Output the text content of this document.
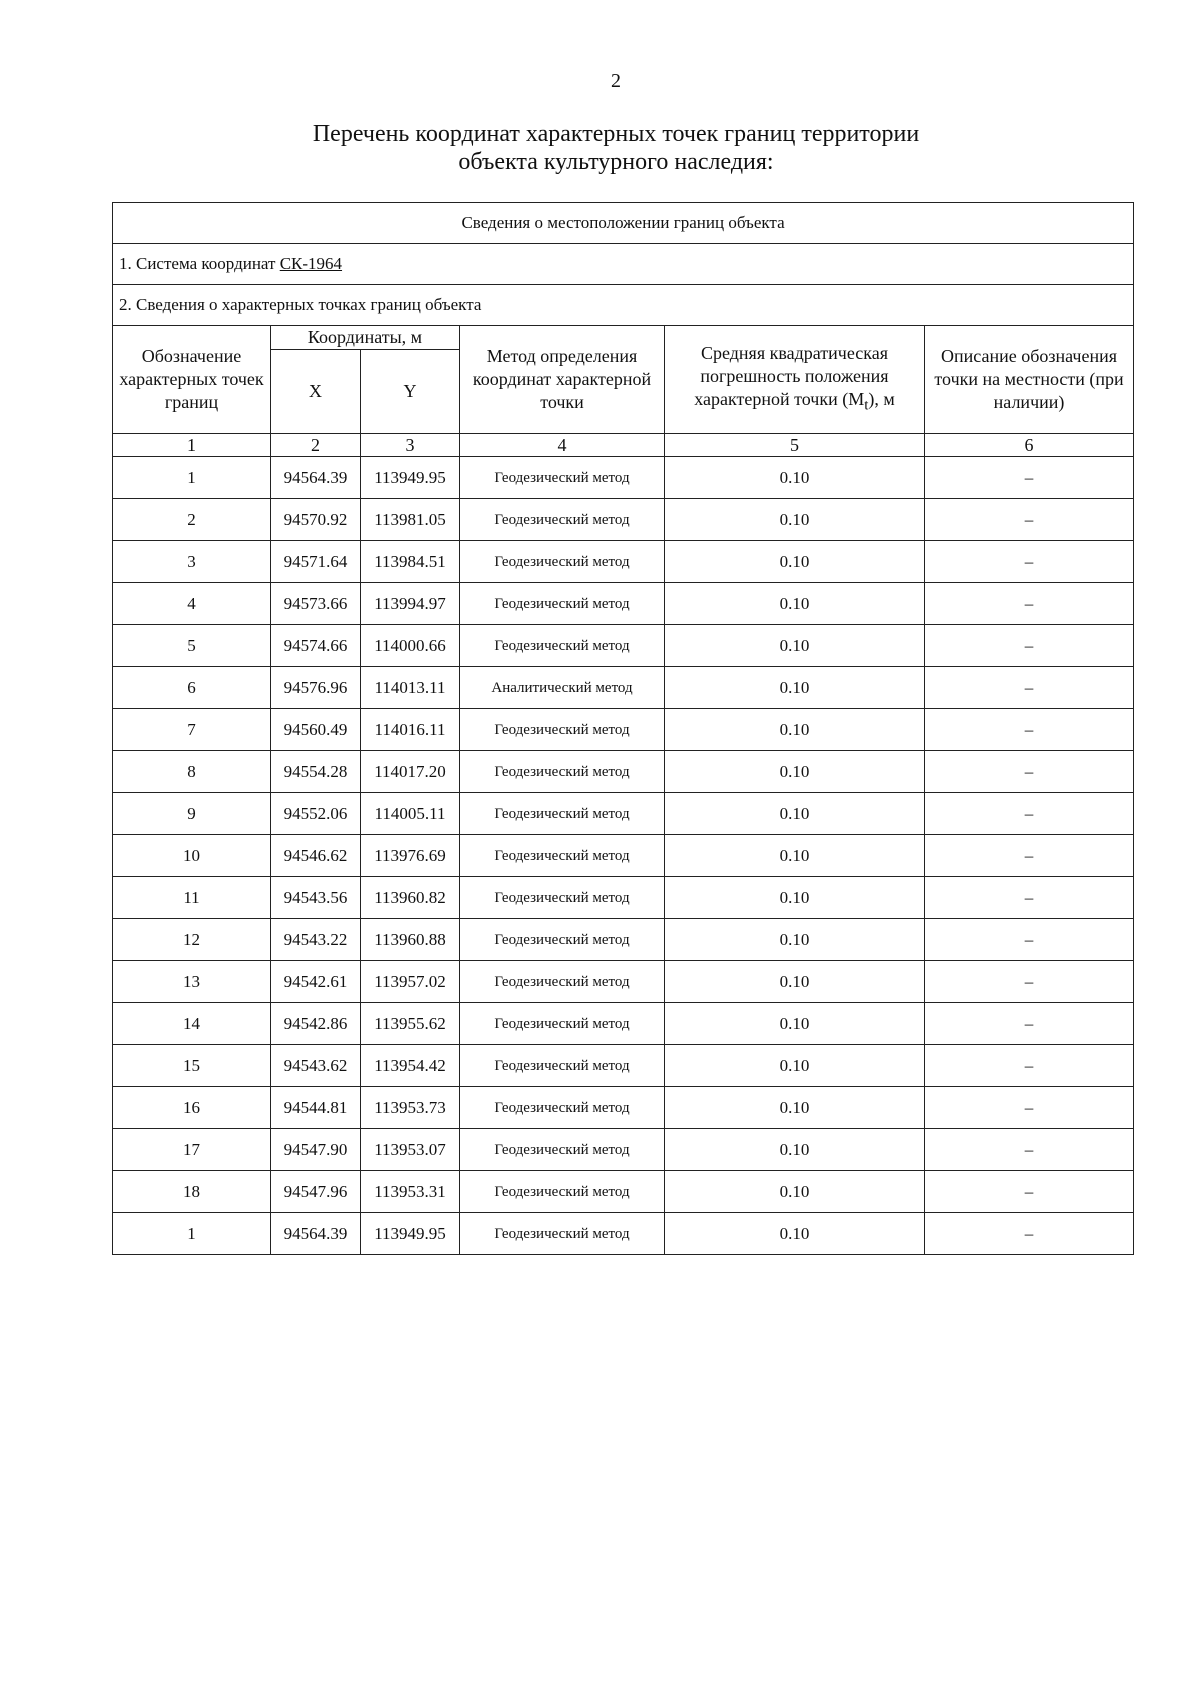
2
Перечень координат характерных точек границ территории
объекта культурного наследия:
Сведения о местоположении границ объекта					
1. Система координат СК-1964					
2. Сведения о характерных точках границ объекта					
Обозначение характерных точек границ	Координаты, м		Метод определения координат характерной точки	Средняя квадратическая погрешность положения характерной точки $(M_t)$, м	Описание обозначения точки на местности (при наличии)
	X	Y			
1	2	3	4	5	6
1	94564.39	113949.95	Геодезический метод	0.10	–
2	94570.92	113981.05	Геодезический метод	0.10	–
3	94571.64	113984.51	Геодезический метод	0.10	–
4	94573.66	113994.97	Геодезический метод	0.10	–
5	94574.66	114000.66	Геодезический метод	0.10	–
6	94576.96	114013.11	Аналитический метод	0.10	–
7	94560.49	114016.11	Геодезический метод	0.10	–
8	94554.28	114017.20	Геодезический метод	0.10	–
9	94552.06	114005.11	Геодезический метод	0.10	–
10	94546.62	113976.69	Геодезический метод	0.10	–
11	94543.56	113960.82	Геодезический метод	0.10	–
12	94543.22	113960.88	Геодезический метод	0.10	–
13	94542.61	113957.02	Геодезический метод	0.10	–
14	94542.86	113955.62	Геодезический метод	0.10	–
15	94543.62	113954.42	Геодезический метод	0.10	–
16	94544.81	113953.73	Геодезический метод	0.10	–
17	94547.90	113953.07	Геодезический метод	0.10	–
18	94547.96	113953.31	Геодезический метод	0.10	–
1	94564.39	113949.95	Геодезический метод	0.10	–
